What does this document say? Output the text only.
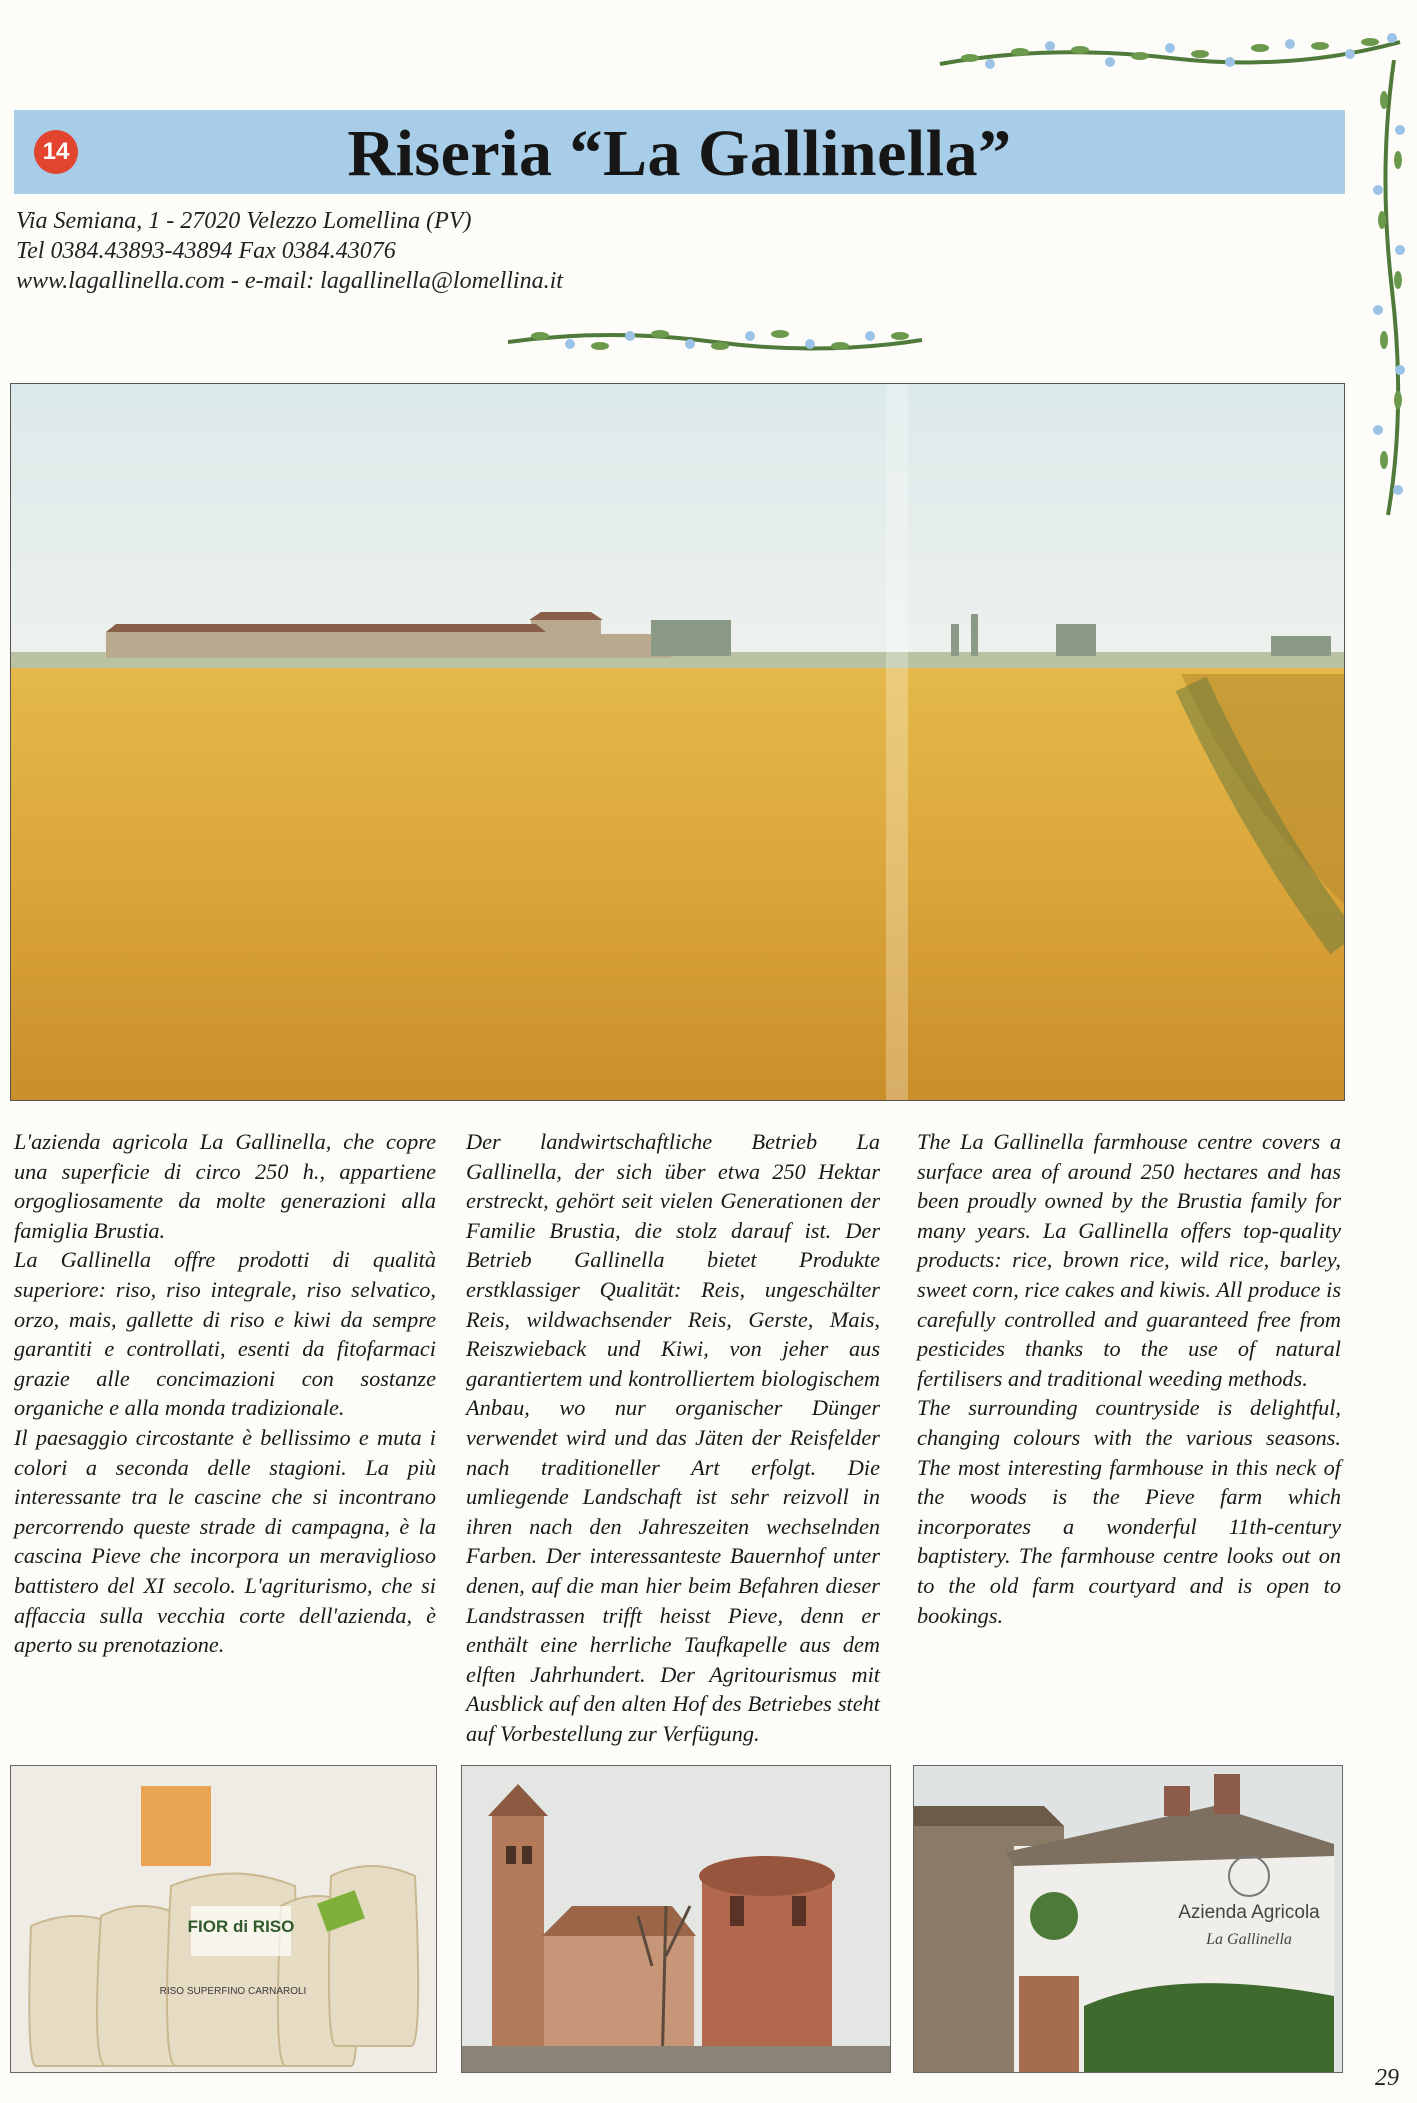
14	Riseria “La Gallinella”
Via Semiana, 1 - 27020 Velezzo Lomellina (PV)
Tel 0384.43893-43894 Fax 0384.43076
www.lagallinella.com - e-mail: lagallinella@lomellina.it

L'azienda agricola La Gallinella, che copre una superficie di circo 250 h., appartiene orgogliosamente da molte generazioni alla famiglia Brustia.

La Gallinella offre prodotti di qualità superiore: riso, riso integrale, riso selvatico, orzo, mais, gallette di riso e kiwi da sempre garantiti e controllati, esenti da fitofarmaci grazie alle concimazioni con sostanze organiche e alla monda tradizionale.

Il paesaggio circostante è bellissimo e muta i colori a seconda delle stagioni. La più interessante tra le cascine che si incontrano percorrendo queste strade di campagna, è la cascina Pieve che incorpora un meraviglioso battistero del XI secolo. L'agriturismo, che si affaccia sulla vecchia corte dell'azienda, è aperto su prenotazione.

Der landwirtschaftliche Betrieb La Gallinella, der sich über etwa 250 Hektar erstreckt, gehört seit vielen Generationen der Familie Brustia, die stolz darauf ist. Der Betrieb Gallinella bietet Produkte erstklassiger Qualität: Reis, ungeschälter Reis, wildwachsender Reis, Gerste, Mais, Reiszwieback und Kiwi, von jeher aus garantiertem und kontrolliertem biologischem Anbau, wo nur organischer Dünger verwendet wird und das Jäten der Reisfelder nach traditioneller Art erfolgt. Die umliegende Landschaft ist sehr reizvoll in ihren nach den Jahreszeiten wechselnden Farben. Der interessanteste Bauernhof unter denen, auf die man hier beim Befahren dieser Landstrassen trifft heisst Pieve, denn er enthält eine herrliche Taufkapelle aus dem elften Jahrhundert. Der Agritourismus mit Ausblick auf den alten Hof des Betriebes steht auf Vorbestellung zur Verfügung.

The La Gallinella farmhouse centre covers a surface area of around 250 hectares and has been proudly owned by the Brustia family for many years. La Gallinella offers top-quality products: rice, brown rice, wild rice, barley, sweet corn, rice cakes and kiwis. All produce is carefully controlled and guaranteed free from pesticides thanks to the use of natural fertilisers and traditional weeding methods.

The surrounding countryside is delightful, changing colours with the various seasons. The most interesting farmhouse in this neck of the woods is the Pieve farm which incorporates a wonderful 11th-century baptistery. The farmhouse centre looks out on to the old farm courtyard and is open to bookings.

FIOR di RISO
RISO SUPERFINO CARNAROLI
Azienda Agricola
La Gallinella
29
